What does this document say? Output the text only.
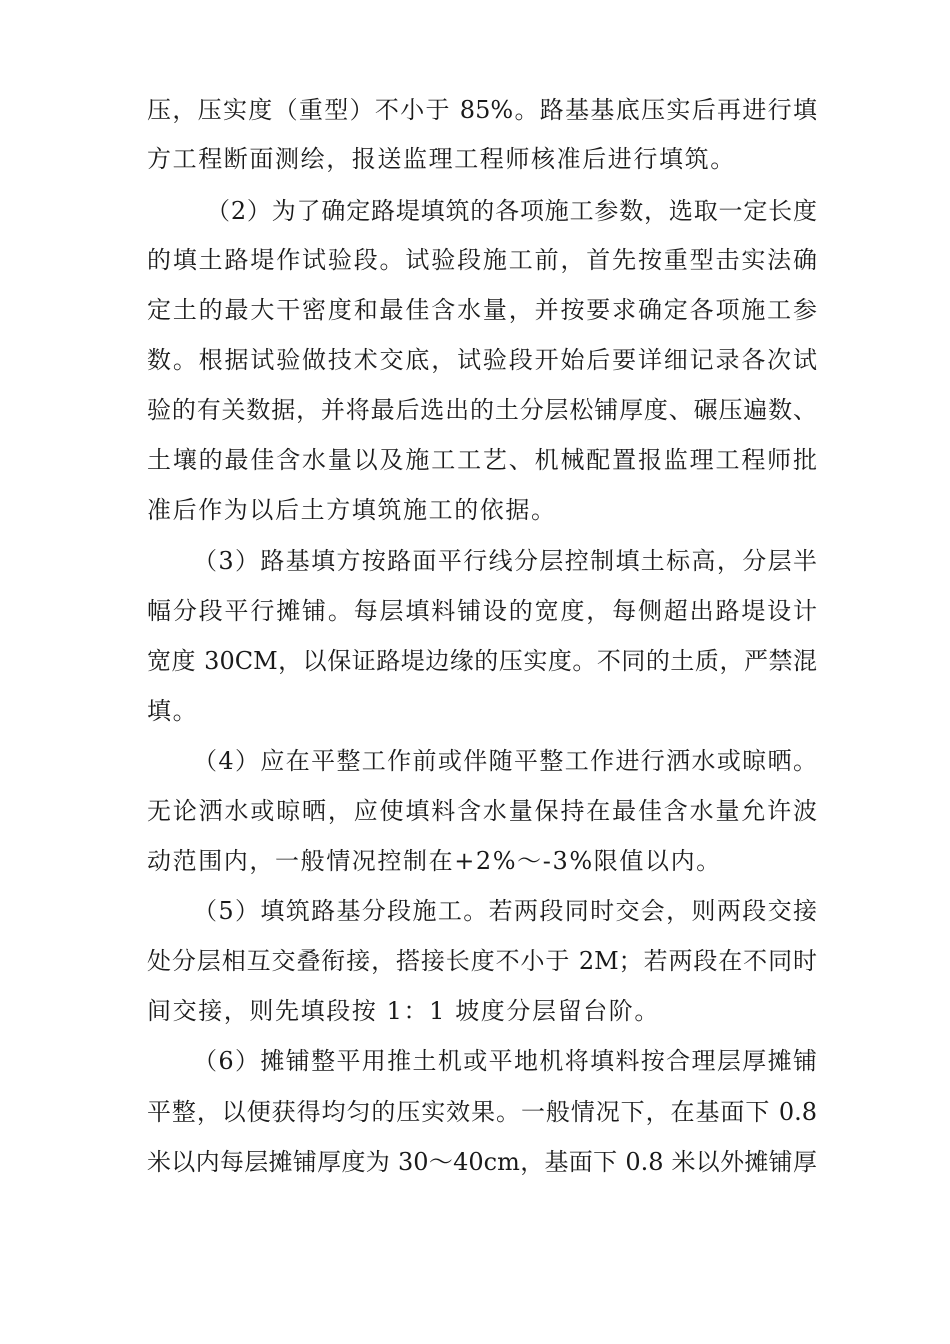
压，压实度（重型）不小于 85%。路基基底压实后再进行填
方工程断面测绘，报送监理工程师核准后进行填筑。
（2）为了确定路堤填筑的各项施工参数，选取一定长度
的填土路堤作试验段。试验段施工前，首先按重型击实法确
定土的最大干密度和最佳含水量，并按要求确定各项施工参
数。根据试验做技术交底，试验段开始后要详细记录各次试
验的有关数据，并将最后选出的土分层松铺厚度、碾压遍数、
土壤的最佳含水量以及施工工艺、机械配置报监理工程师批
准后作为以后土方填筑施工的依据。
（3）路基填方按路面平行线分层控制填土标高，分层半
幅分段平行摊铺。每层填料铺设的宽度，每侧超出路堤设计
宽度 30CM，以保证路堤边缘的压实度。不同的土质，严禁混
填。
（4）应在平整工作前或伴随平整工作进行洒水或晾晒。
无论洒水或晾晒，应使填料含水量保持在最佳含水量允许波
动范围内，一般情况控制在+2%～-3%限值以内。
（5）填筑路基分段施工。若两段同时交会，则两段交接
处分层相互交叠衔接，搭接长度不小于 2M；若两段在不同时
间交接，则先填段按 1：1 坡度分层留台阶。
（6）摊铺整平用推土机或平地机将填料按合理层厚摊铺
平整，以便获得均匀的压实效果。一般情况下，在基面下 0.8
米以内每层摊铺厚度为 30～40cm，基面下 0.8 米以外摊铺厚
